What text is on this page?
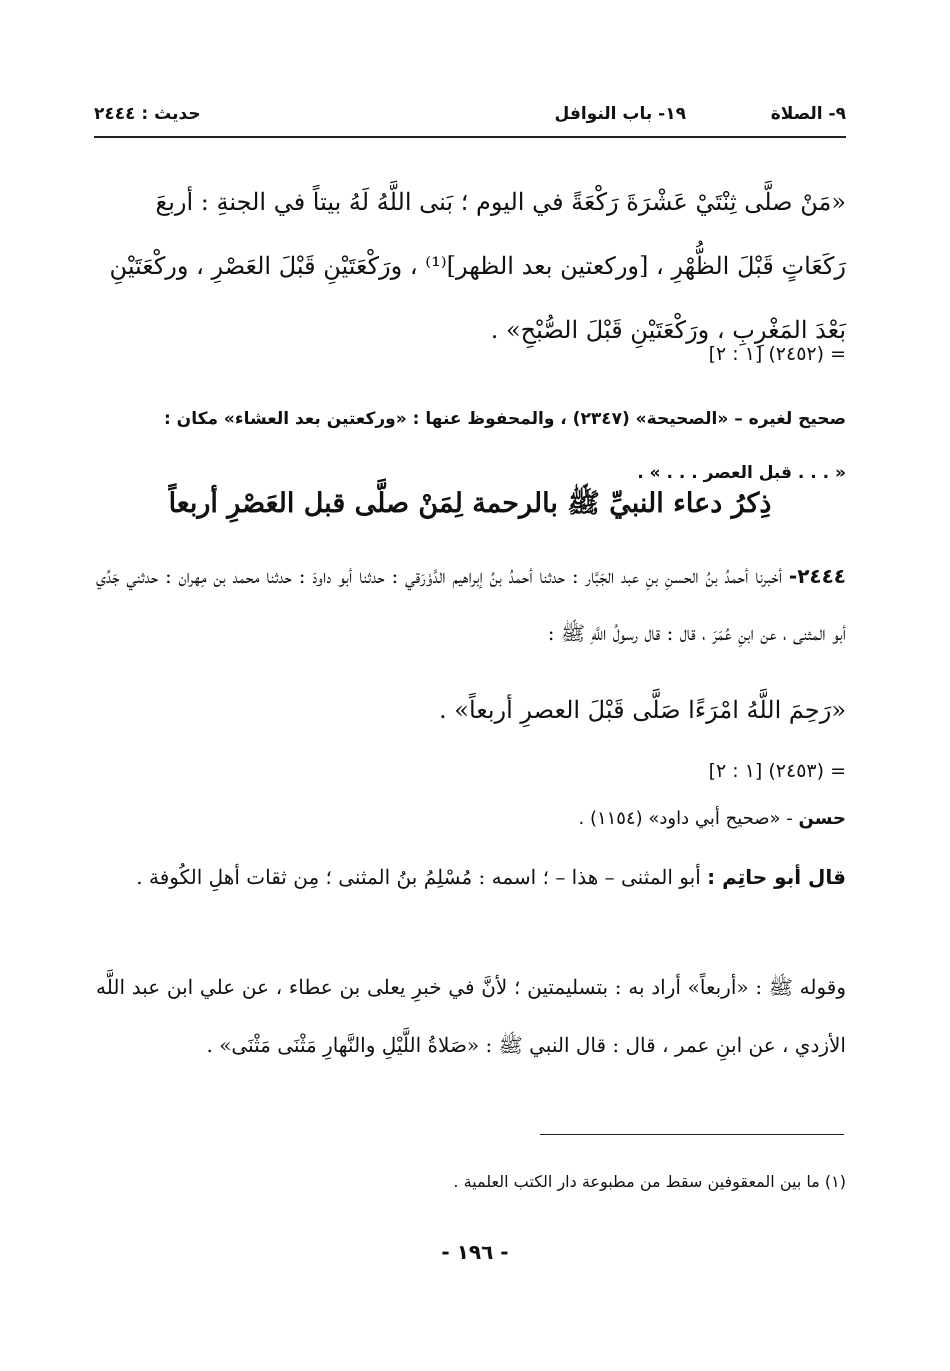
٩- الصلاة
١٩- باب النوافل
حديث : ٢٤٤٤

«مَنْ صلَّى ثِنْتَيْ عَشْرَةَ رَكْعَةً في اليوم ؛ بَنى اللَّهُ لَهُ بيتاً في الجنةِ : أربعَ

رَكَعَاتٍ قَبْلَ الظُّهْرِ ، [وركعتين بعد الظهر]⁽¹⁾ ، ورَكْعَتَيْنِ قَبْلَ العَصْرِ ، وركْعَتَيْنِ

بَعْدَ المَغْرِبِ ، ورَكْعَتَيْنِ قَبْلَ الصُّبْحِ» .

= (٢٤٥٢) [١ : ٢]
صحيح لغيره – «الصحيحة» (٢٣٤٧) ، والمحفوظ عنها : «وركعتين بعد العشاء» مكان :
« . . . قبل العصر . . . » .
ذِكرُ دعاء النبيِّ ﷺ بالرحمة لِمَنْ صلَّى قبل العَصْرِ أربعاً
٢٤٤٤- أخبرنا أحمدُ بنُ الحسنِ بنِ عبد الجَبَّار : حدثنا أحمدُ بنُ إبراهيم الدَّوْرَقي : حدثنا أبو داودَ : حدثنا محمد بن مِهران : حدثني جَدِّي أبو المثنى ، عن ابنِ عُمَرَ ، قال : قال رسولُ اللَّهِ ﷺ :
«رَحِمَ اللَّهُ امْرَءًا صَلَّى قَبْلَ العصرِ أربعاً» .
= (٢٤٥٣) [١ : ٢]
حسن - «صحيح أبي داود» (١١٥٤) .
قال أبو حاتِم : أبو المثنى – هذا – ؛ اسمه : مُسْلِمُ بنُ المثنى ؛ مِن ثقات أهلِ الكُوفة .
وقوله ﷺ : «أربعاً» أراد به : بتسليمتين ؛ لأنَّ في خبرِ يعلى بن عطاء ، عن علي ابن عبد اللَّه الأزدي ، عن ابنِ عمر ، قال : قال النبي ﷺ : «صَلاةُ اللَّيْلِ والنَّهارِ مَثْنَى مَثْنَى» .
(١) ما بين المعقوفين سقط من مطبوعة دار الكتب العلمية .
- ١٩٦ -
